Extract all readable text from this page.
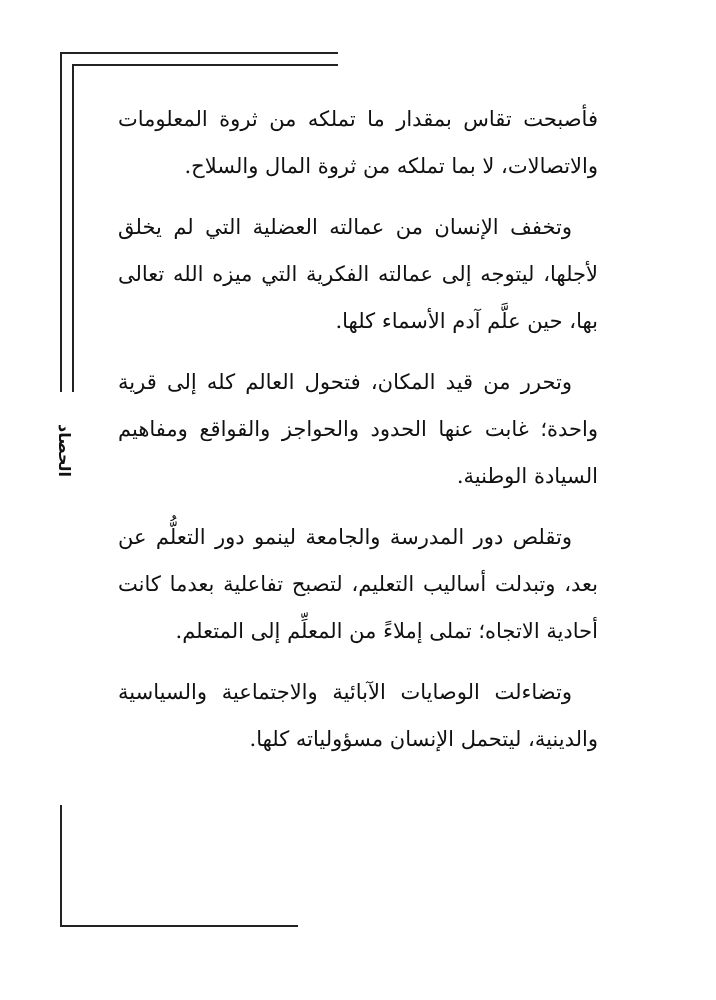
الحصاد

فأصبحت تقاس بمقدار ما تملكه من ثروة المعلومات والاتصالات، لا بما تملكه من ثروة المال والسلاح.

وتخفف الإنسان من عمالته العضلية التي لم يخلق لأجلها، ليتوجه إلى عمالته الفكرية التي ميزه الله تعالى بها، حين علَّم آدم الأسماء كلها.

وتحرر من قيد المكان، فتحول العالم كله إلى قرية واحدة؛ غابت عنها الحدود والحواجز والقواقع ومفاهيم السيادة الوطنية.

وتقلص دور المدرسة والجامعة لينمو دور التعلُّم عن بعد، وتبدلت أساليب التعليم، لتصبح تفاعلية بعدما كانت أحادية الاتجاه؛ تملى إملاءً من المعلِّم إلى المتعلم.

وتضاءلت الوصايات الآبائية والاجتماعية والسياسية والدينية، ليتحمل الإنسان مسؤولياته كلها.
